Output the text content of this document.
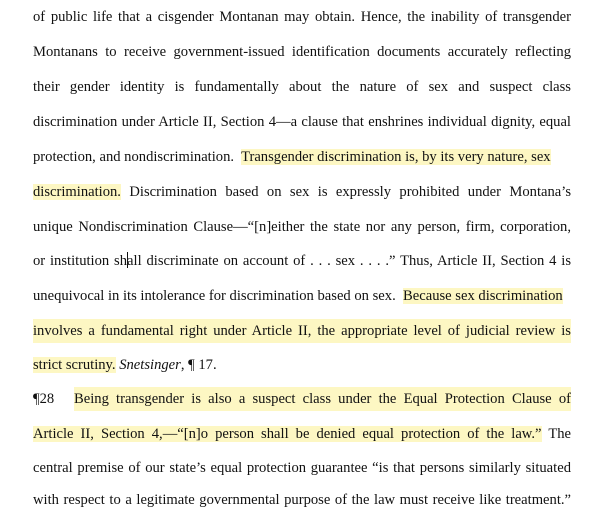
of public life that a cisgender Montanan may obtain. Hence, the inability of transgender
Montanans to receive government-issued identification documents accurately reflecting
their gender identity is fundamentally about the nature of sex and suspect class
discrimination under Article II, Section 4—a clause that enshrines individual dignity, equal
protection, and nondiscrimination.  Transgender discrimination is, by its very nature, sex
discrimination. Discrimination based on sex is expressly prohibited under Montana’s
unique Nondiscrimination Clause—“[n]either the state nor any person, firm, corporation,
or institution shall discriminate on account of . . . sex . . . .” Thus, Article II, Section 4 is
unequivocal in its intolerance for discrimination based on sex.  Because sex discrimination
involves a fundamental right under Article II, the appropriate level of judicial review is
strict scrutiny. Snetsinger, ¶ 17.
¶28 Being transgender is also a suspect class under the Equal Protection Clause of
Article II, Section 4,—“[n]o person shall be denied equal protection of the law.” The
central premise of our state’s equal protection guarantee “is that persons similarly situated
with respect to a legitimate governmental purpose of the law must receive like treatment.”
